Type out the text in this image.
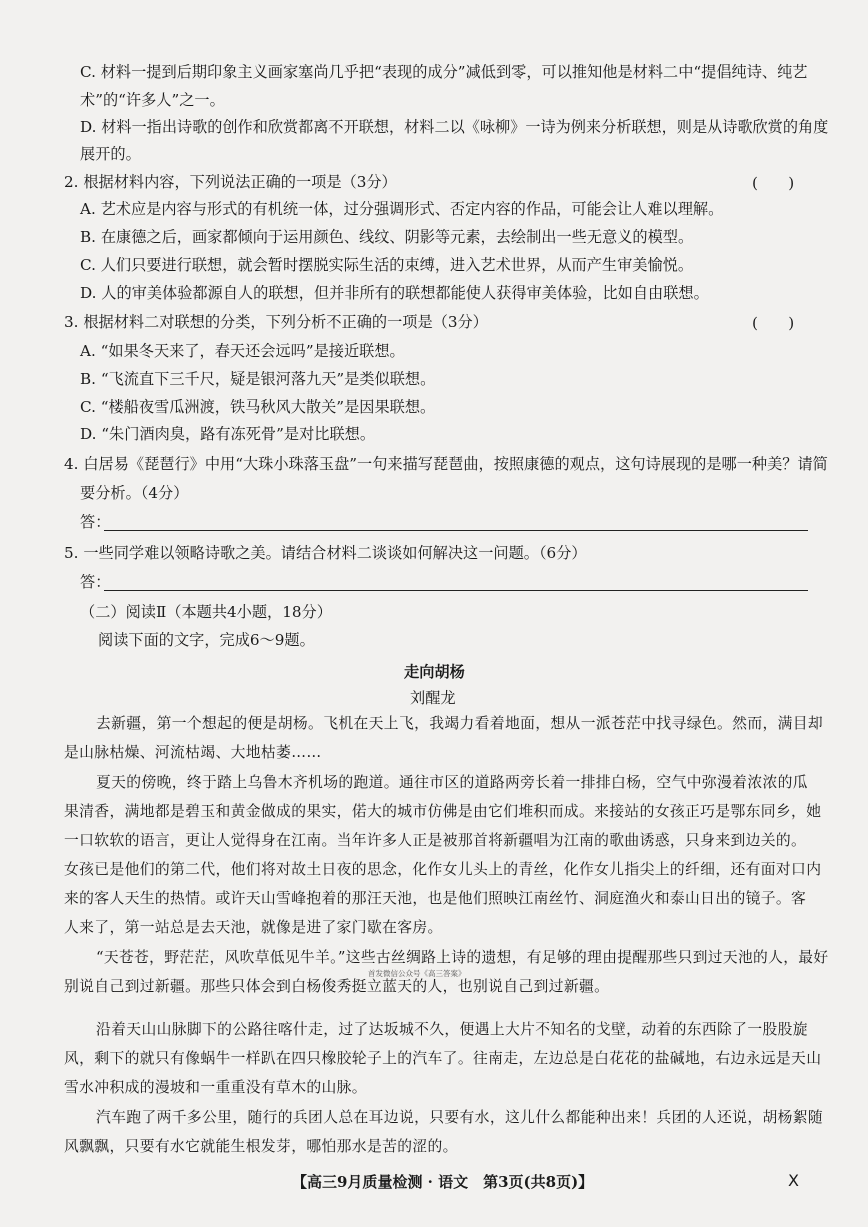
C. 材料一提到后期印象主义画家塞尚几乎把“表现的成分”减低到零，可以推知他是材料二中“提倡纯诗、纯艺
术”的“许多人”之一。
D. 材料一指出诗歌的创作和欣赏都离不开联想，材料二以《咏柳》一诗为例来分析联想，则是从诗歌欣赏的角度
展开的。
2. 根据材料内容，下列说法正确的一项是（3分）	(　　)
A. 艺术应是内容与形式的有机统一体，过分强调形式、否定内容的作品，可能会让人难以理解。
B. 在康德之后，画家都倾向于运用颜色、线纹、阴影等元素，去绘制出一些无意义的模型。
C. 人们只要进行联想，就会暂时摆脱实际生活的束缚，进入艺术世界，从而产生审美愉悦。
D. 人的审美体验都源自人的联想，但并非所有的联想都能使人获得审美体验，比如自由联想。
3. 根据材料二对联想的分类，下列分析不正确的一项是（3分）	(　　)
A. “如果冬天来了，春天还会远吗”是接近联想。
B. “飞流直下三千尺，疑是银河落九天”是类似联想。
C. “楼船夜雪瓜洲渡，铁马秋风大散关”是因果联想。
D. “朱门酒肉臭，路有冻死骨”是对比联想。
4. 白居易《琵琶行》中用“大珠小珠落玉盘”一句来描写琵琶曲，按照康德的观点，这句诗展现的是哪一种美？请简
要分析。（4分）
答：
5. 一些同学难以领略诗歌之美。请结合材料二谈谈如何解决这一问题。（6分）
答：
（二）阅读Ⅱ（本题共4小题，18分）
阅读下面的文字，完成6～9题。
走向胡杨
刘醒龙
去新疆，第一个想起的便是胡杨。飞机在天上飞，我竭力看着地面，想从一派苍茫中找寻绿色。然而，满目却
是山脉枯燥、河流枯竭、大地枯萎……
夏天的傍晚，终于踏上乌鲁木齐机场的跑道。通往市区的道路两旁长着一排排白杨，空气中弥漫着浓浓的瓜
果清香，满地都是碧玉和黄金做成的果实，偌大的城市仿佛是由它们堆积而成。来接站的女孩正巧是鄂东同乡，她
一口软软的语言，更让人觉得身在江南。当年许多人正是被那首将新疆唱为江南的歌曲诱惑，只身来到边关的。
女孩已是他们的第二代，他们将对故土日夜的思念，化作女儿头上的青丝，化作女儿指尖上的纤细，还有面对口内
来的客人天生的热情。或许天山雪峰抱着的那汪天池，也是他们照映江南丝竹、洞庭渔火和泰山日出的镜子。客
人来了，第一站总是去天池，就像是进了家门歇在客房。
“天苍苍，野茫茫，风吹草低见牛羊。”这些古丝绸路上诗的遗想，有足够的理由提醒那些只到过天池的人，最好
首发微信公众号《高三答案》
别说自己到过新疆。那些只体会到白杨俊秀挺立蓝天的人，也别说自己到过新疆。
沿着天山山脉脚下的公路往喀什走，过了达坂城不久，便遇上大片不知名的戈壁，动着的东西除了一股股旋
风，剩下的就只有像蜗牛一样趴在四只橡胶轮子上的汽车了。往南走，左边总是白花花的盐碱地，右边永远是天山
雪水冲积成的漫坡和一重重没有草木的山脉。
汽车跑了两千多公里，随行的兵团人总在耳边说，只要有水，这儿什么都能种出来！兵团的人还说，胡杨絮随
风飘飘，只要有水它就能生根发芽，哪怕那水是苦的涩的。
【高三9月质量检测 · 语文　第3页(共8页)】	X
